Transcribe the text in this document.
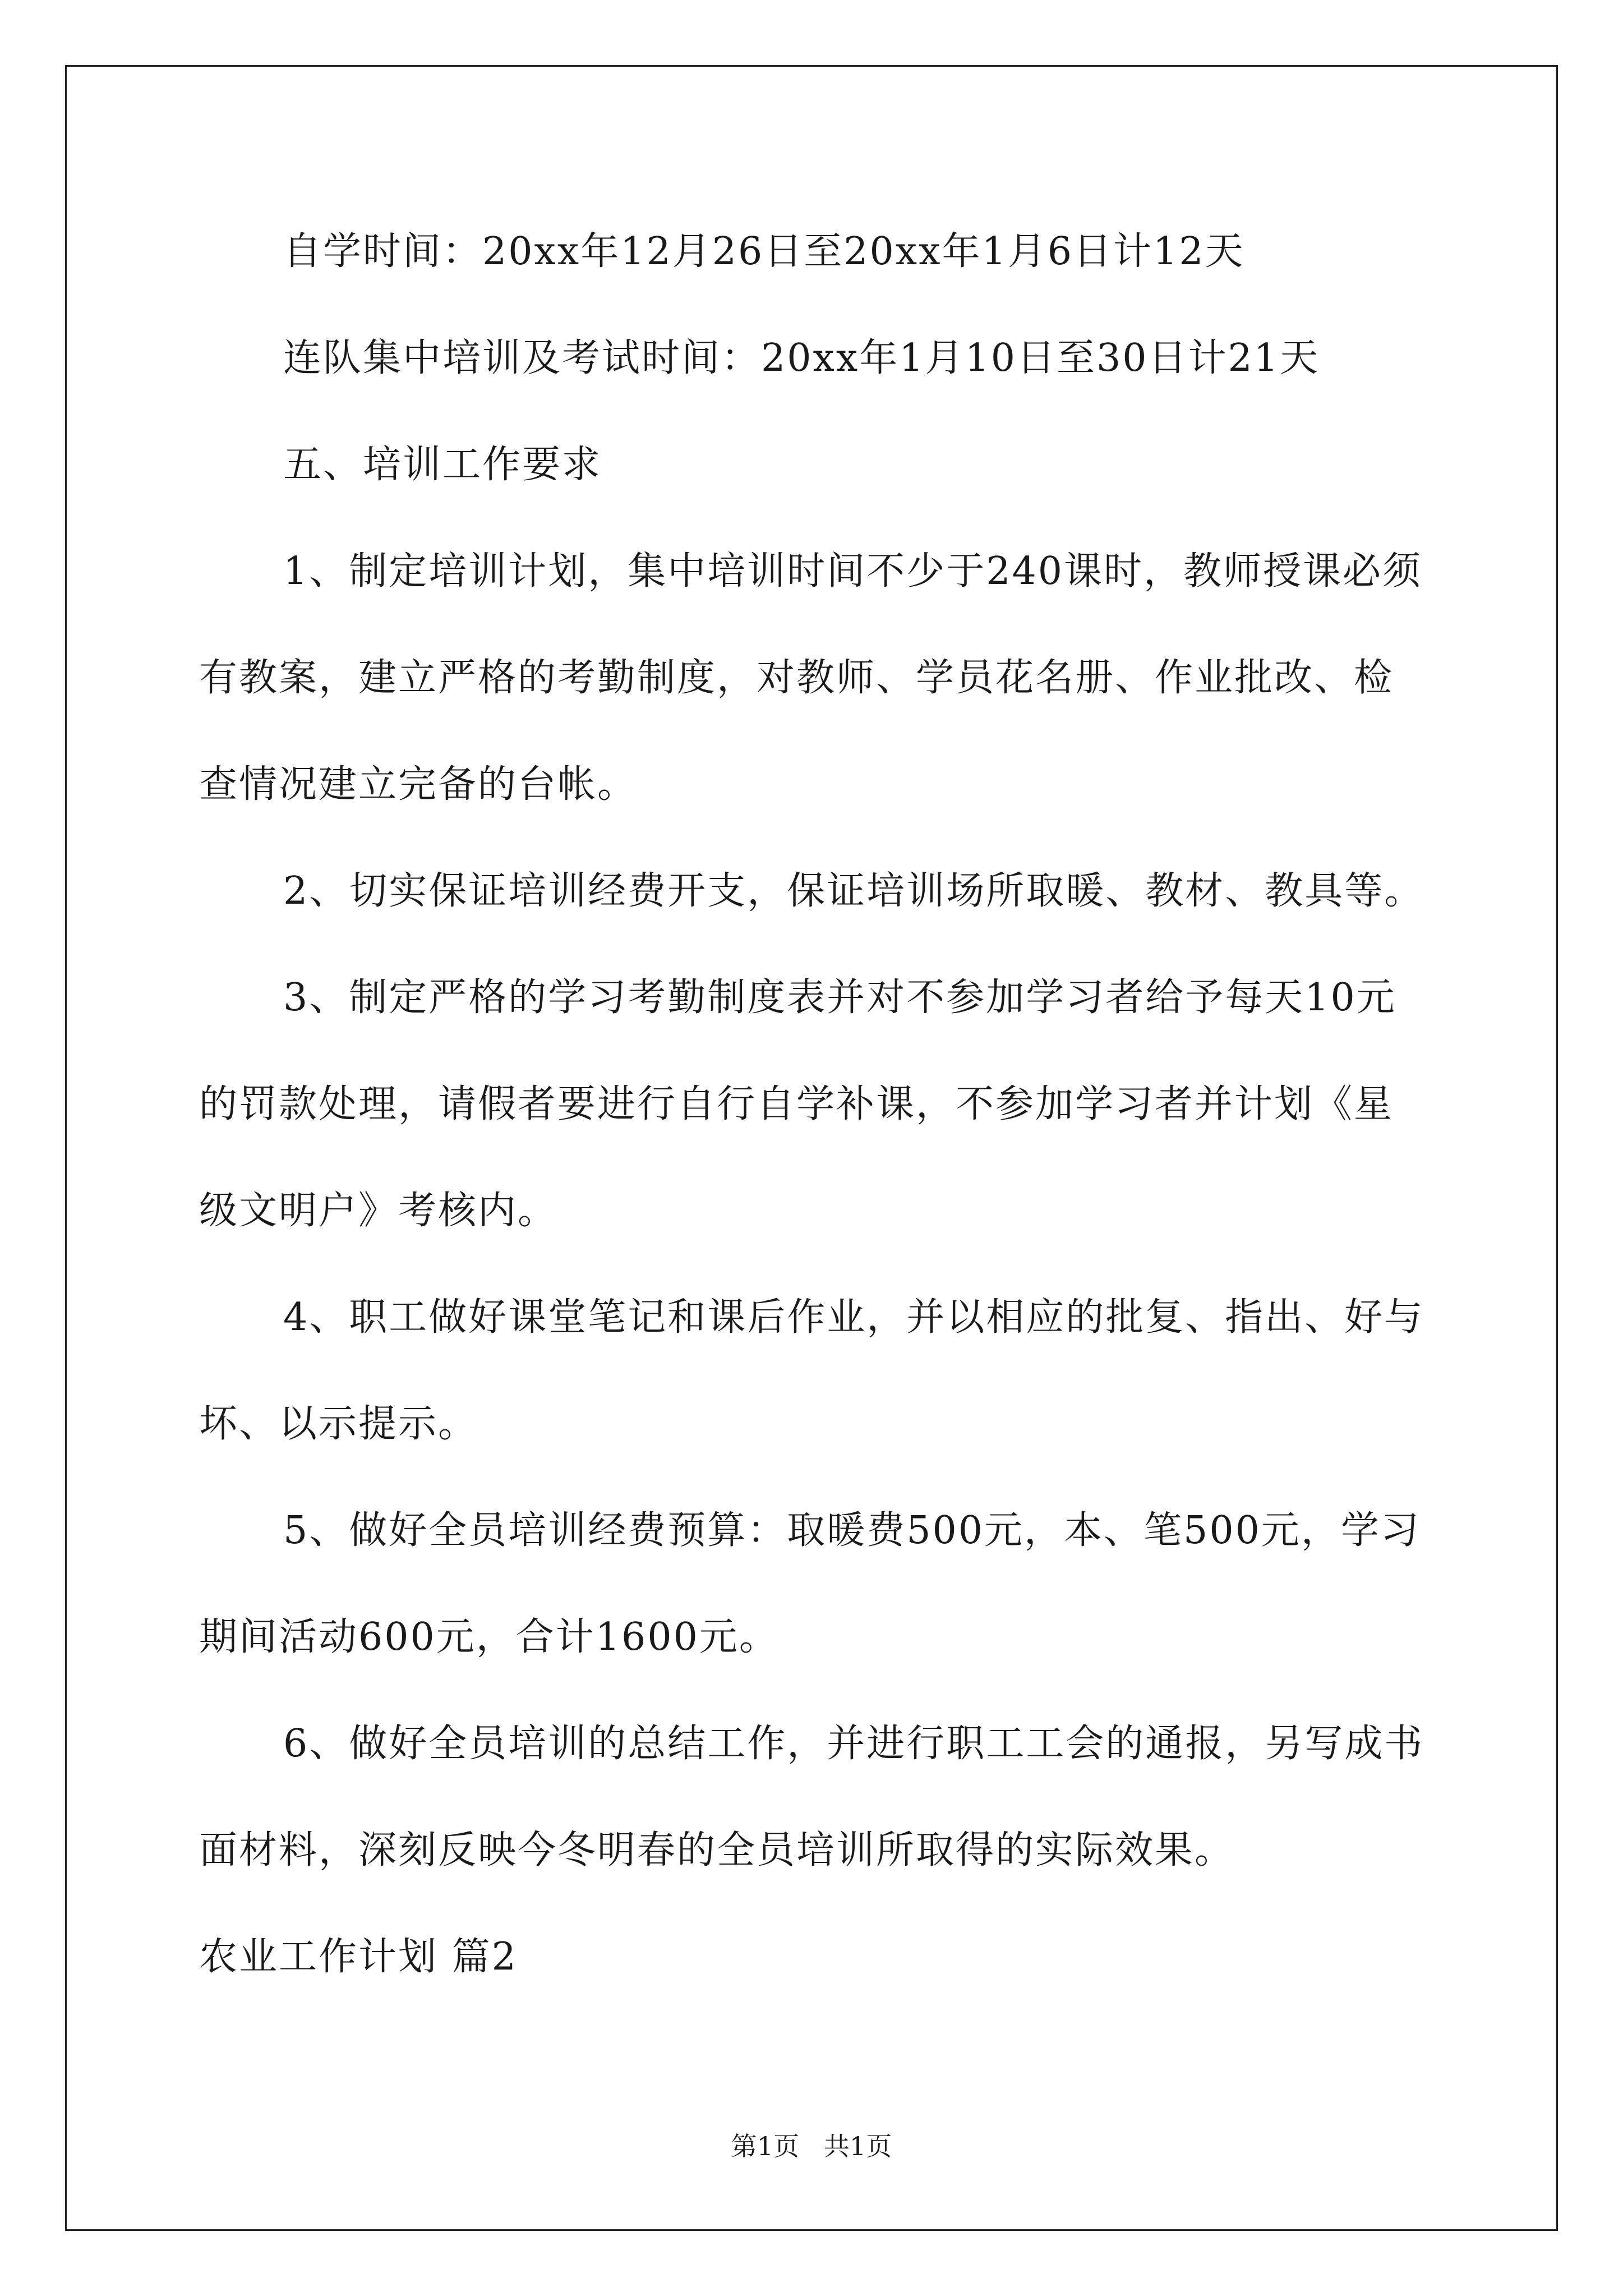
自学时间：20xx年12月26日至20xx年1月6日计12天
连队集中培训及考试时间：20xx年1月10日至30日计21天
五、培训工作要求
1、制定培训计划，集中培训时间不少于240课时，教师授课必须
有教案，建立严格的考勤制度，对教师、学员花名册、作业批改、检
查情况建立完备的台帐。
2、切实保证培训经费开支，保证培训场所取暖、教材、教具等。
3、制定严格的学习考勤制度表并对不参加学习者给予每天10元
的罚款处理，请假者要进行自行自学补课，不参加学习者并计划《星
级文明户》考核内。
4、职工做好课堂笔记和课后作业，并以相应的批复、指出、好与
坏、以示提示。
5、做好全员培训经费预算：取暖费500元，本、笔500元，学习
期间活动600元，合计1600元。
6、做好全员培训的总结工作，并进行职工工会的通报，另写成书
面材料，深刻反映今冬明春的全员培训所取得的实际效果。
农业工作计划 篇2
第1页   共1页
